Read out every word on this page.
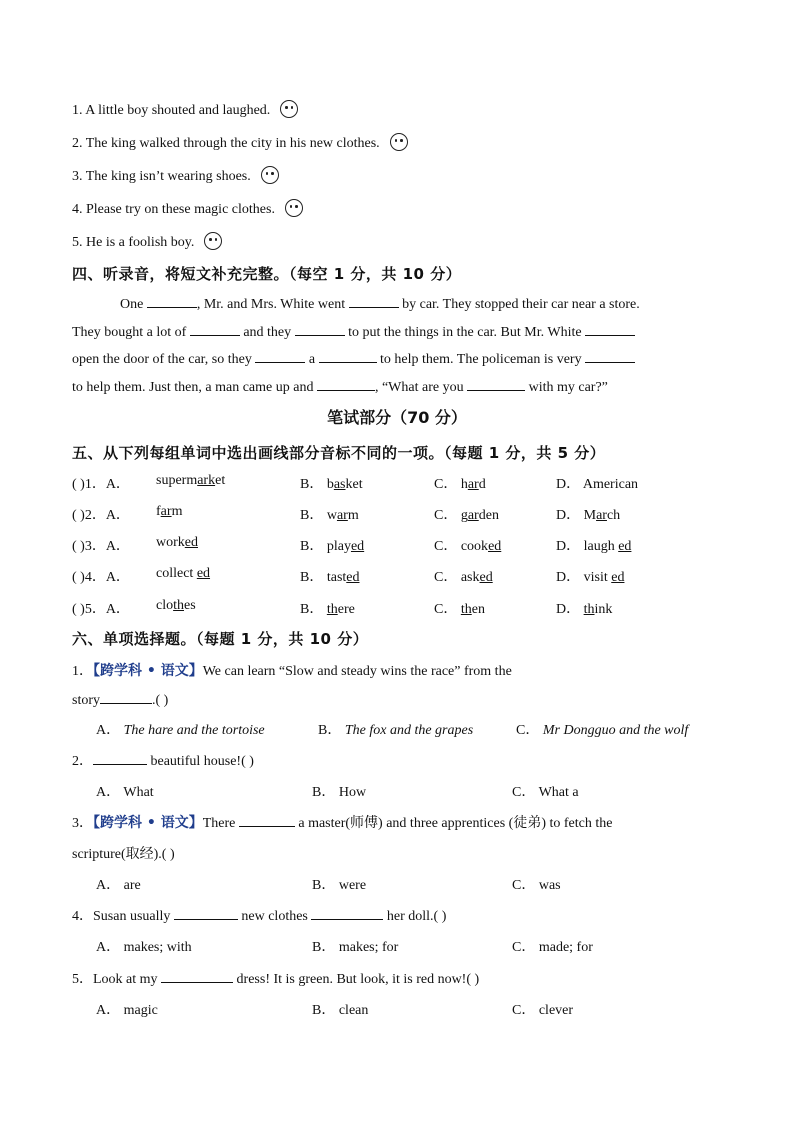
1. A little boy shouted and laughed.
2. The king walked through the city in his new clothes.
3. The king isn’t wearing shoes.
4. Please try on these magic clothes.
5. He is a foolish boy.
四、听录音，将短文补充完整。（每空 1 分，共 10 分）
One	, Mr. and Mrs. White went	by car. They stopped their car near a store.
They bought a lot of	and they	to put the things in the car. But Mr. White
open the door of the car, so they	a	to help them. The policeman is very
to help them. Just then, a man came up and	, “What are you	with my car?”
笔试部分（70 分）
五、从下列每组单词中选出画线部分音标不同的一项。（每题 1 分，共 5 分）
( )1．A． supermarket	B． basket	C． hard	D． American
( )2．A． farm	B． warm	C． garden	D． March
( )3．A． worked	B． played	C． cooked	D． laugh ed
( )4．A． collect ed	B． tasted	C． asked	D． visit ed
( )5．A． clothes	B． there	C． then	D． think
六、单项选择题。（每题 1 分，共 10 分）
1．【跨学科 • 语文】We can learn “Slow and steady wins the race” from the
story	.( )
A． The hare and the tortoise	B． The fox and the grapes	C． Mr Dongguo and the wolf
2．	beautiful house!( )
A． What	B． How	C． What a
3．【跨学科 • 语文】There	a master(师傅) and three apprentices (徒弟) to fetch the
scripture(取经).( )
A． are	B． were	C． was
4．Susan usually	new clothes	her doll.( )
A． makes; with	B． makes; for	C． made; for
5．Look at my	dress! It is green. But look, it is red now!( )
A． magic	B． clean	C． clever
